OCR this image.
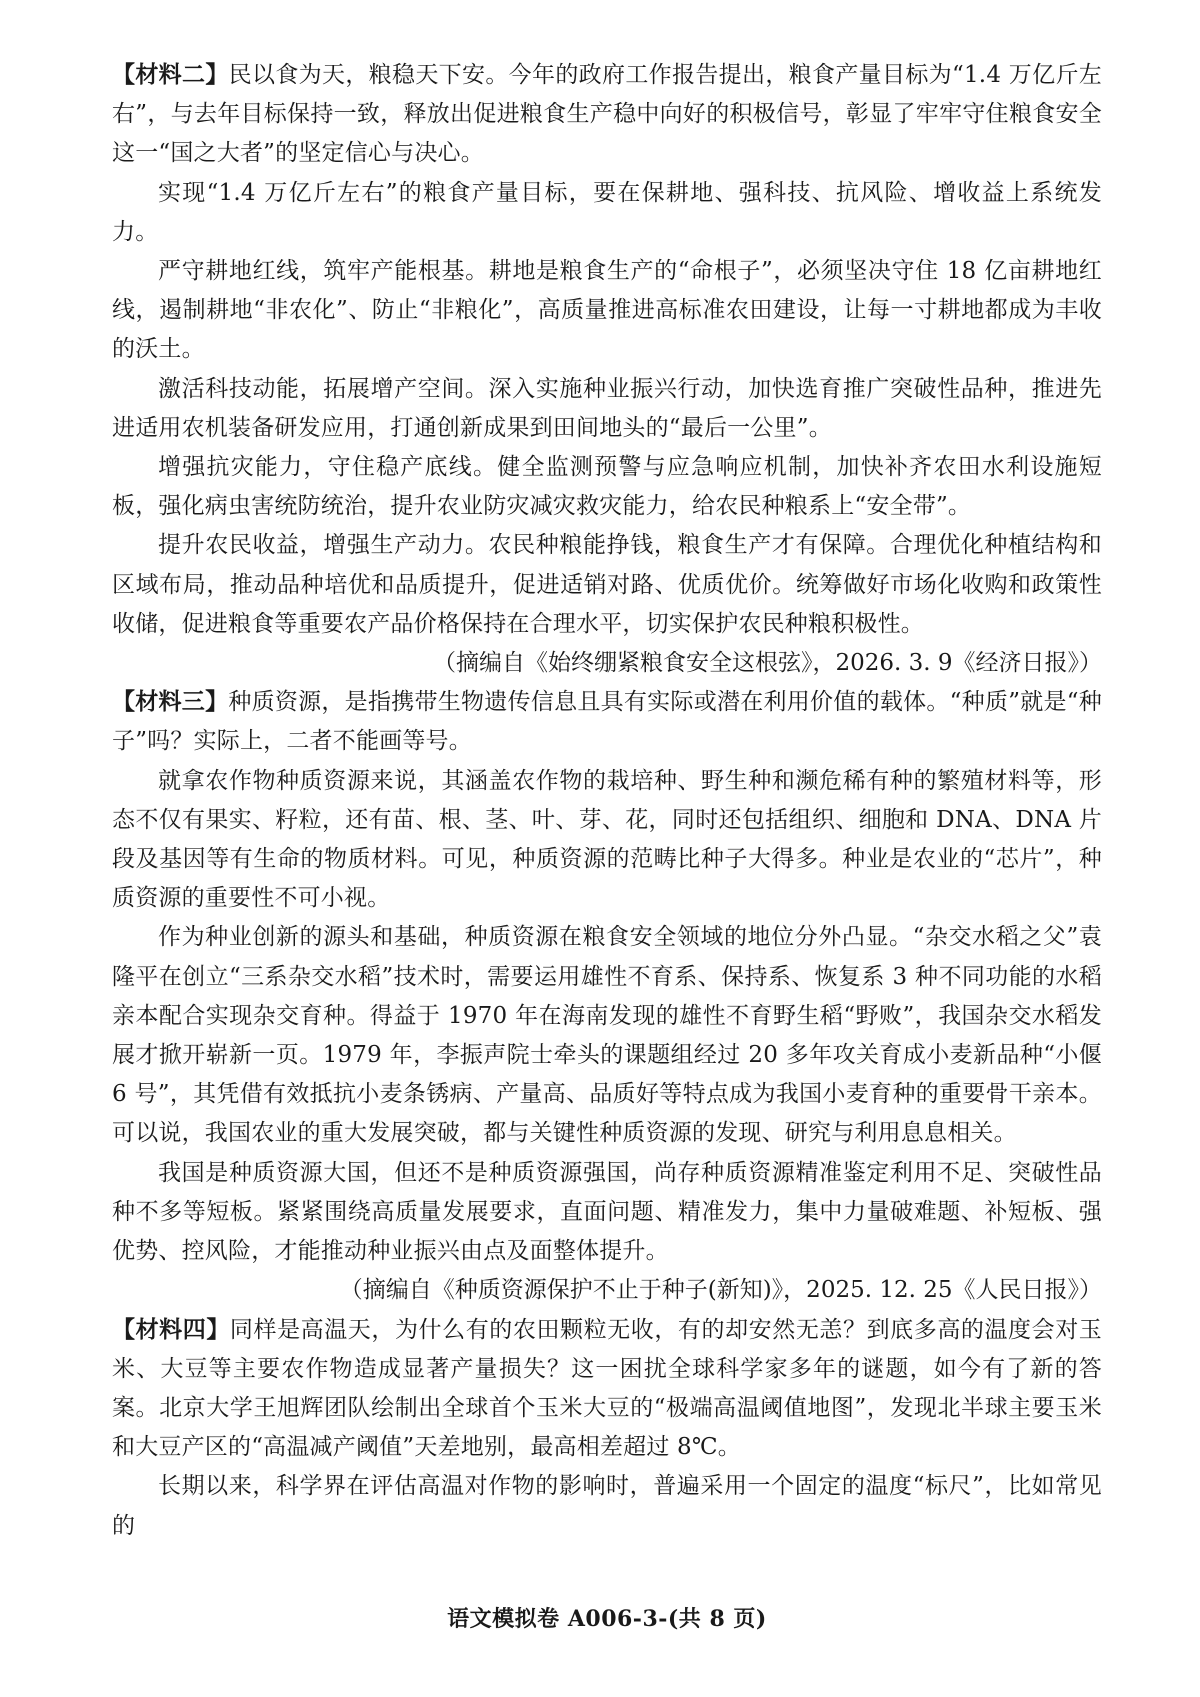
【材料二】民以食为天，粮稳天下安。今年的政府工作报告提出，粮食产量目标为“1.4 万亿斤左右”，与去年目标保持一致，释放出促进粮食生产稳中向好的积极信号，彰显了牢牢守住粮食安全这一“国之大者”的坚定信心与决心。

实现“1.4 万亿斤左右”的粮食产量目标，要在保耕地、强科技、抗风险、增收益上系统发力。

严守耕地红线，筑牢产能根基。耕地是粮食生产的“命根子”，必须坚决守住 18 亿亩耕地红线，遏制耕地“非农化”、防止“非粮化”，高质量推进高标准农田建设，让每一寸耕地都成为丰收的沃土。

激活科技动能，拓展增产空间。深入实施种业振兴行动，加快选育推广突破性品种，推进先进适用农机装备研发应用，打通创新成果到田间地头的“最后一公里”。

增强抗灾能力，守住稳产底线。健全监测预警与应急响应机制，加快补齐农田水利设施短板，强化病虫害统防统治，提升农业防灾减灾救灾能力，给农民种粮系上“安全带”。

提升农民收益，增强生产动力。农民种粮能挣钱，粮食生产才有保障。合理优化种植结构和区域布局，推动品种培优和品质提升，促进适销对路、优质优价。统筹做好市场化收购和政策性收储，促进粮食等重要农产品价格保持在合理水平，切实保护农民种粮积极性。

（摘编自《始终绷紧粮食安全这根弦》，2026. 3. 9《经济日报》）

【材料三】种质资源，是指携带生物遗传信息且具有实际或潜在利用价值的载体。“种质”就是“种子”吗？实际上，二者不能画等号。

就拿农作物种质资源来说，其涵盖农作物的栽培种、野生种和濒危稀有种的繁殖材料等，形态不仅有果实、籽粒，还有苗、根、茎、叶、芽、花，同时还包括组织、细胞和 DNA、DNA 片段及基因等有生命的物质材料。可见，种质资源的范畴比种子大得多。种业是农业的“芯片”，种质资源的重要性不可小视。

作为种业创新的源头和基础，种质资源在粮食安全领域的地位分外凸显。“杂交水稻之父”袁隆平在创立“三系杂交水稻”技术时，需要运用雄性不育系、保持系、恢复系 3 种不同功能的水稻亲本配合实现杂交育种。得益于 1970 年在海南发现的雄性不育野生稻“野败”，我国杂交水稻发展才掀开崭新一页。1979 年，李振声院士牵头的课题组经过 20 多年攻关育成小麦新品种“小偃 6 号”，其凭借有效抵抗小麦条锈病、产量高、品质好等特点成为我国小麦育种的重要骨干亲本。可以说，我国农业的重大发展突破，都与关键性种质资源的发现、研究与利用息息相关。

我国是种质资源大国，但还不是种质资源强国，尚存种质资源精准鉴定利用不足、突破性品种不多等短板。紧紧围绕高质量发展要求，直面问题、精准发力，集中力量破难题、补短板、强优势、控风险，才能推动种业振兴由点及面整体提升。

（摘编自《种质资源保护不止于种子(新知)》，2025. 12. 25《人民日报》）

【材料四】同样是高温天，为什么有的农田颗粒无收，有的却安然无恙？到底多高的温度会对玉米、大豆等主要农作物造成显著产量损失？这一困扰全球科学家多年的谜题，如今有了新的答案。北京大学王旭辉团队绘制出全球首个玉米大豆的“极端高温阈值地图”，发现北半球主要玉米和大豆产区的“高温减产阈值”天差地别，最高相差超过 8℃。

长期以来，科学界在评估高温对作物的影响时，普遍采用一个固定的温度“标尺”，比如常见的

语文模拟卷 A006-3-(共 8 页)
